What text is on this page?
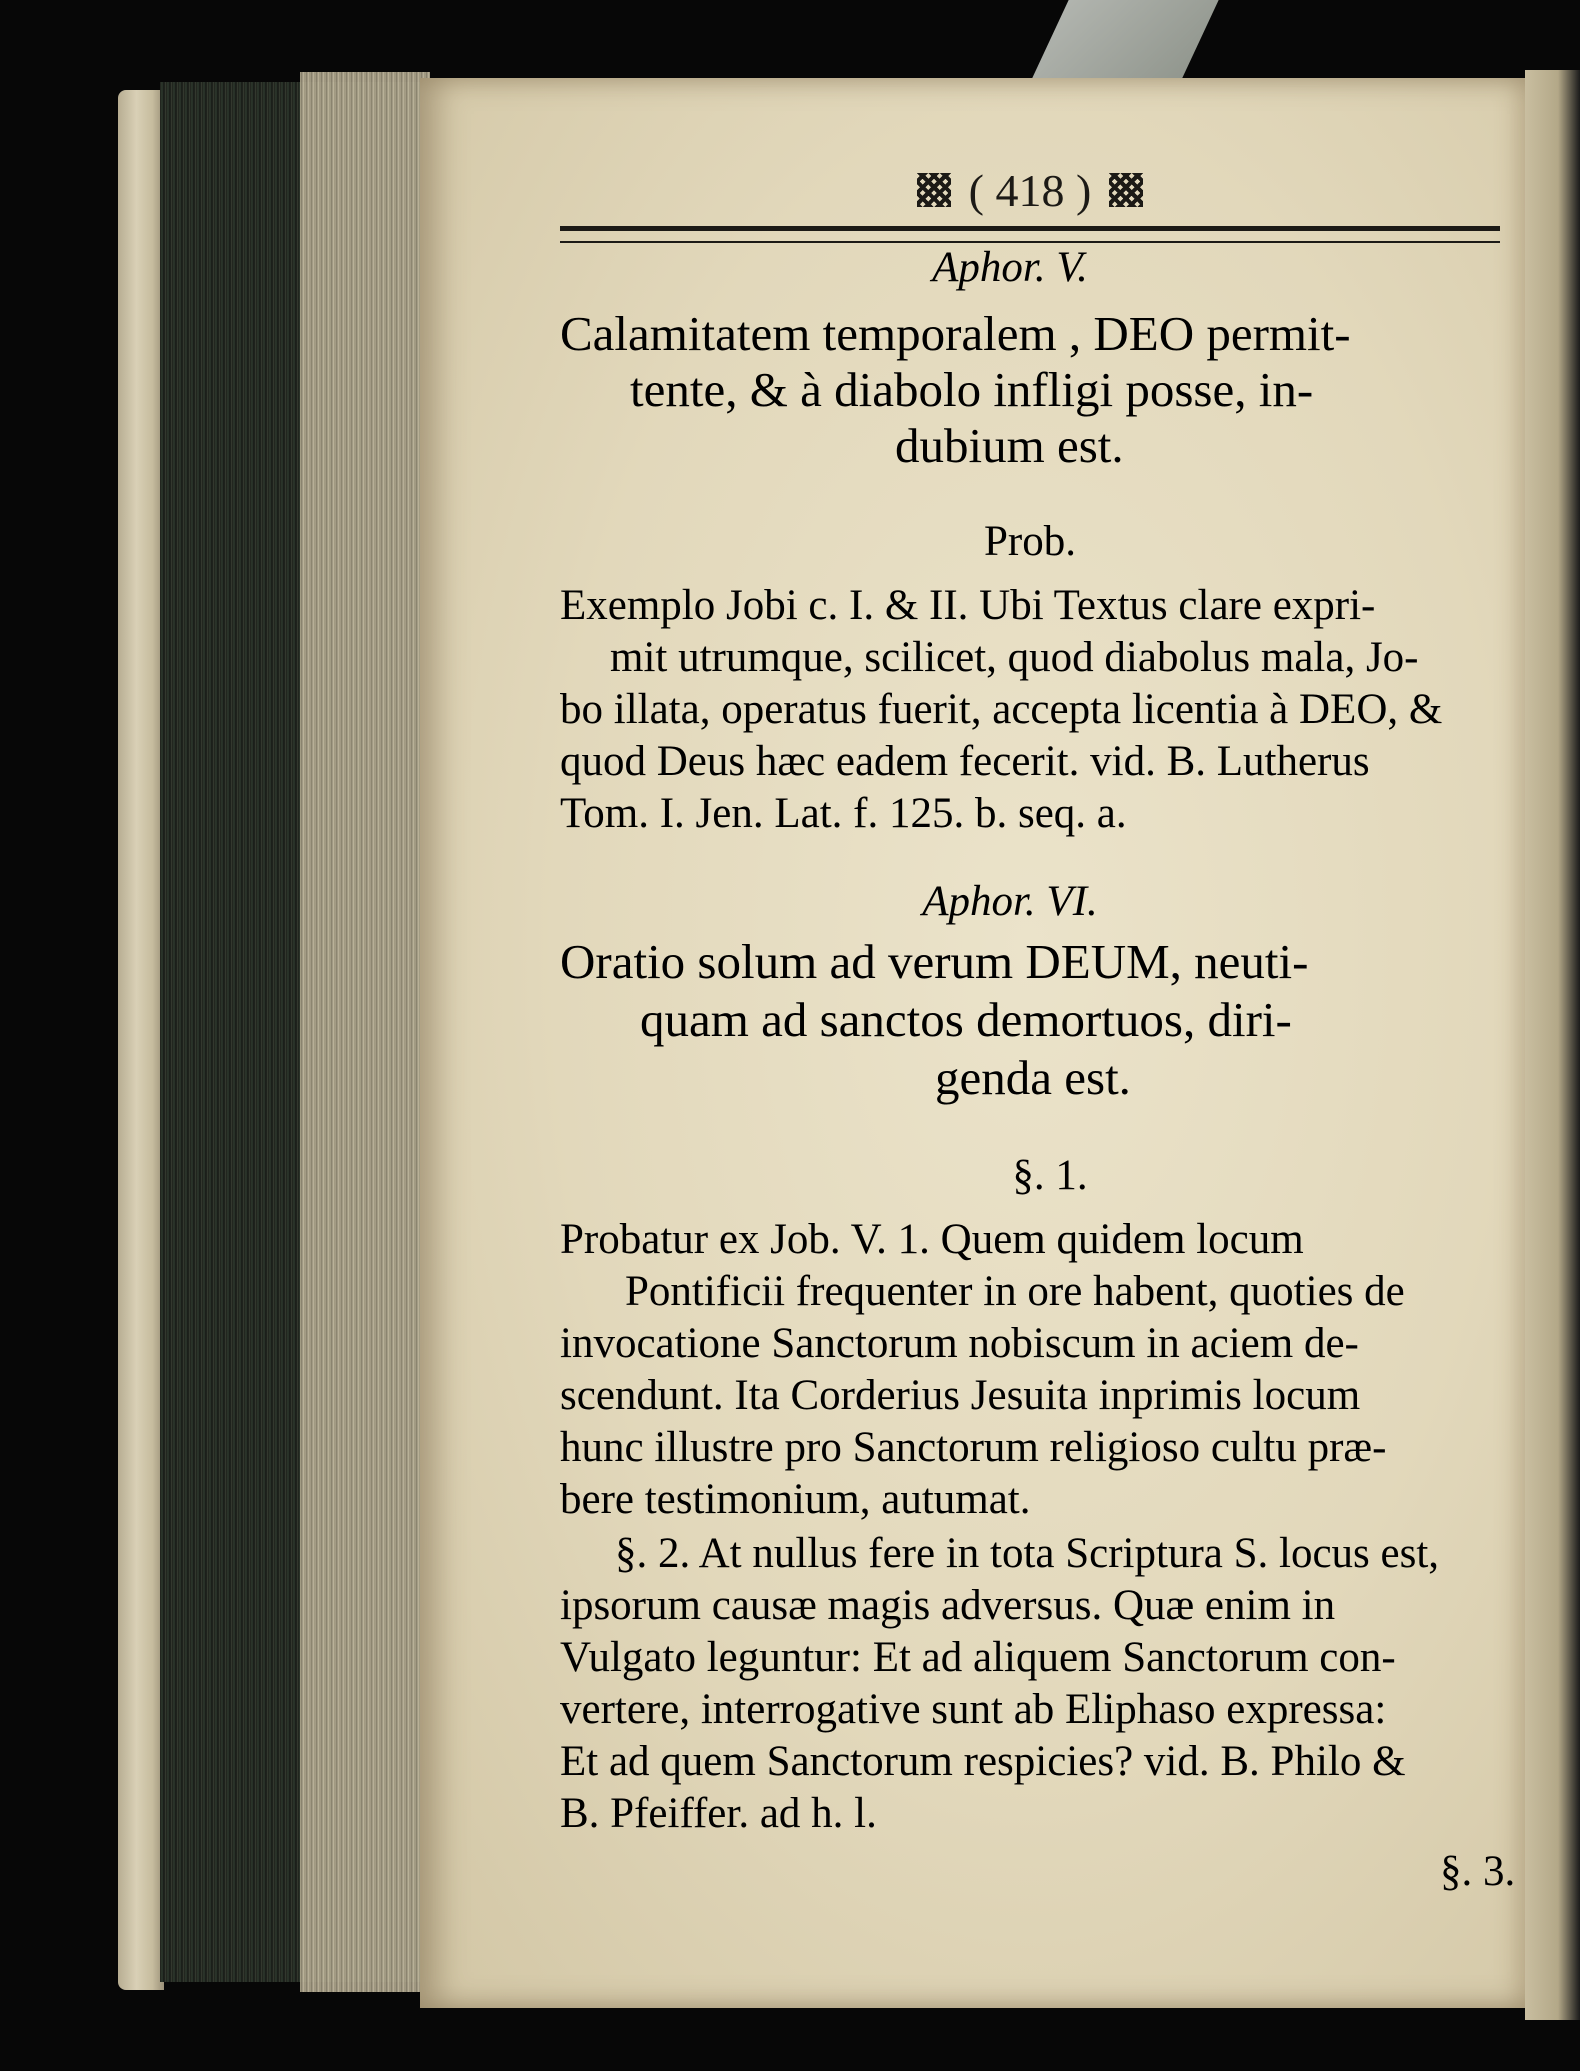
( 418 )
Aphor. V.
Calamitatem temporalem , DEO permit-
tente, & à diabolo infligi posse, in-
dubium est.
Prob.
Exemplo Jobi c. I. & II. Ubi Textus clare expri-
mit utrumque, scilicet, quod diabolus mala, Jo-
bo illata, operatus fuerit, accepta licentia à DEO, &
quod Deus hæc eadem fecerit. vid. B. Lutherus
Tom. I. Jen. Lat. f. 125. b. seq. a.
Aphor. VI.
Oratio solum ad verum DEUM, neuti-
quam ad sanctos demortuos, diri-
genda est.
§. 1.
Probatur ex Job. V. 1. Quem quidem locum
Pontificii frequenter in ore habent, quoties de
invocatione Sanctorum nobiscum in aciem de-
scendunt. Ita Corderius Jesuita inprimis locum
hunc illustre pro Sanctorum religioso cultu præ-
bere testimonium, autumat.
§. 2. At nullus fere in tota Scriptura S. locus est,
ipsorum causæ magis adversus. Quæ enim in
Vulgato leguntur: Et ad aliquem Sanctorum con-
vertere, interrogative sunt ab Eliphaso expressa:
Et ad quem Sanctorum respicies? vid. B. Philo &
B. Pfeiffer. ad h. l.
§. 3.
